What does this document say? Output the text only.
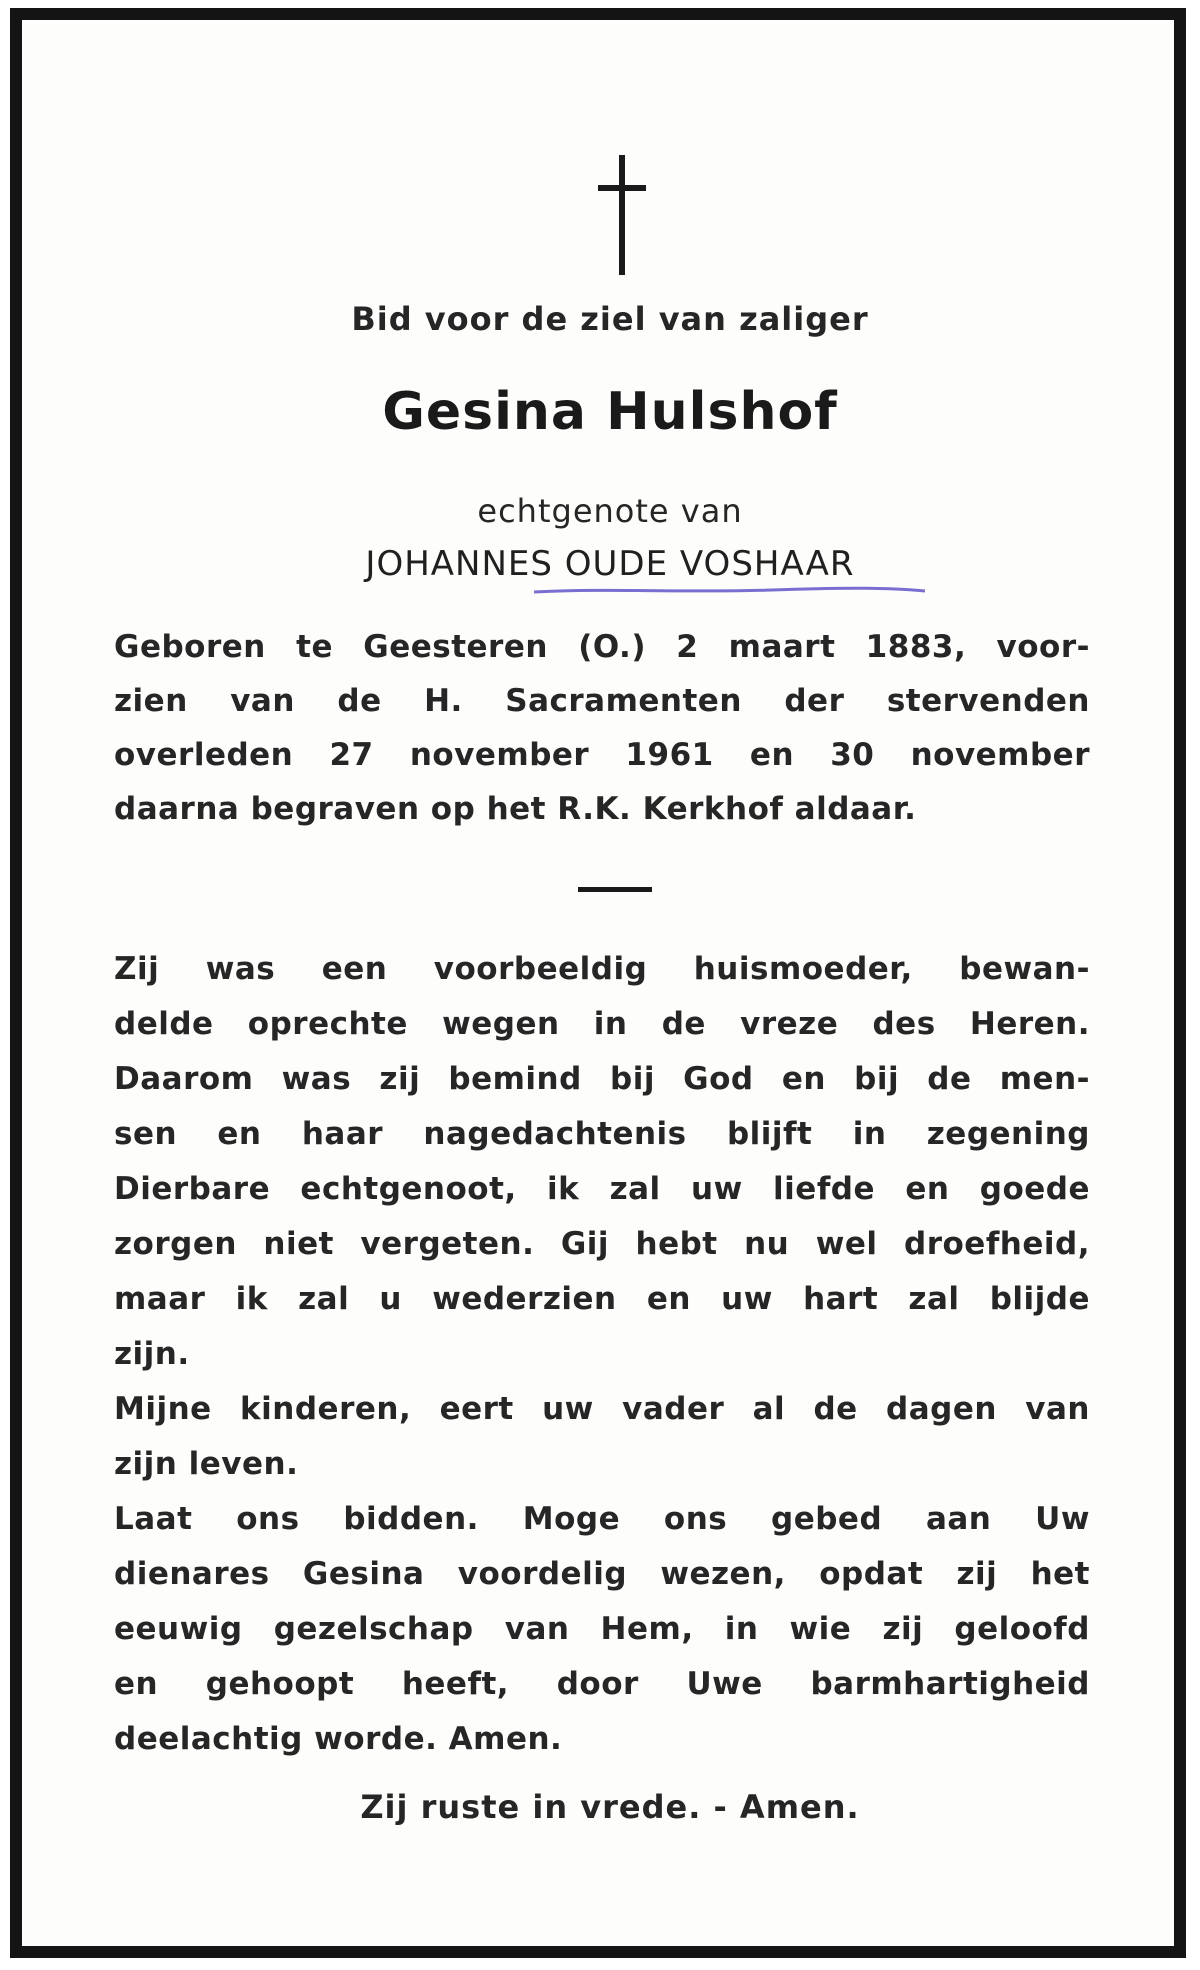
Bid voor de ziel van zaliger
Gesina Hulshof
echtgenote van
JOHANNES OUDE VOSHAAR
Geboren te Geesteren (O.) 2 maart 1883, voor-
zien van de H. Sacramenten der stervenden
overleden 27 november 1961 en 30 november
daarna begraven op het R.K. Kerkhof aldaar.
Zij was een voorbeeldig huismoeder, bewan-
delde oprechte wegen in de vreze des Heren.
Daarom was zij bemind bij God en bij de men-
sen en haar nagedachtenis blijft in zegening
Dierbare echtgenoot, ik zal uw liefde en goede
zorgen niet vergeten. Gij hebt nu wel droefheid,
maar ik zal u wederzien en uw hart zal blijde
zijn.
Mijne kinderen, eert uw vader al de dagen van
zijn leven.
Laat ons bidden. Moge ons gebed aan Uw
dienares Gesina voordelig wezen, opdat zij het
eeuwig gezelschap van Hem, in wie zij geloofd
en gehoopt heeft, door Uwe barmhartigheid
deelachtig worde. Amen.
Zij ruste in vrede. - Amen.
